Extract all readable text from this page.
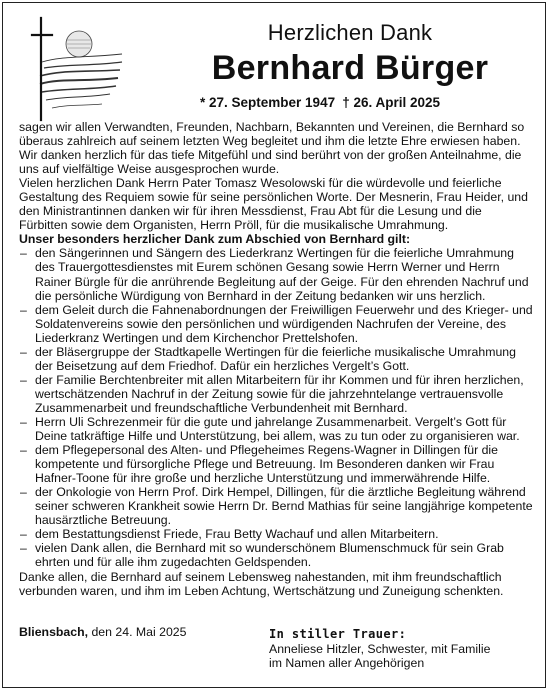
Herzlichen Dank
Bernhard Bürger
* 27. September 1947 † 26. April 2025

sagen wir allen Verwandten, Freunden, Nachbarn, Bekannten und Vereinen, die Bernhard so überaus zahlreich auf seinem letzten Weg begleitet und ihm die letzte Ehre erwiesen haben. Wir danken herzlich für das tiefe Mitgefühl und sind berührt von der großen Anteilnahme, die uns auf vielfältige Weise ausgesprochen wurde.

Vielen herzlichen Dank Herrn Pater Tomasz Wesolowski für die würdevolle und feierliche Gestaltung des Requiem sowie für seine persönlichen Worte. Der Mesnerin, Frau Heider, und den Ministrantinnen danken wir für ihren Messdienst, Frau Abt für die Lesung und die Fürbitten sowie dem Organisten, Herrn Pröll, für die musikalische Umrahmung.

Unser besonders herzlicher Dank zum Abschied von Bernhard gilt:

– den Sängerinnen und Sängern des Liederkranz Wertingen für die feierliche Umrahmung des Trauergottesdienstes mit Eurem schönen Gesang sowie Herrn Werner und Herrn Rainer Bürgle für die anrührende Begleitung auf der Geige. Für den ehrenden Nachruf und die persönliche Würdigung von Bernhard in der Zeitung bedanken wir uns herzlich.
– dem Geleit durch die Fahnenabordnungen der Freiwilligen Feuerwehr und des Krieger- und Soldatenvereins sowie den persönlichen und würdigenden Nachrufen der Vereine, des Liederkranz Wertingen und dem Kirchenchor Prettelshofen.
– der Bläsergruppe der Stadtkapelle Wertingen für die feierliche musikalische Umrahmung der Beisetzung auf dem Friedhof. Dafür ein herzliches Vergelt’s Gott.
– der Familie Berchtenbreiter mit allen Mitarbeitern für ihr Kommen und für ihren herzlichen, wertschätzenden Nachruf in der Zeitung sowie für die jahrzehntelange vertrauensvolle Zusammenarbeit und freundschaftliche Verbundenheit mit Bernhard.
– Herrn Uli Schrezenmeir für die gute und jahrelange Zusammenarbeit. Vergelt’s Gott für Deine tatkräftige Hilfe und Unterstützung, bei allem, was zu tun oder zu organisieren war.
– dem Pflegepersonal des Alten- und Pflegeheimes Regens-Wagner in Dillingen für die kompetente und fürsorgliche Pflege und Betreuung. Im Besonderen danken wir Frau Hafner-Toone für ihre große und herzliche Unterstützung und immerwährende Hilfe.
– der Onkologie von Herrn Prof. Dirk Hempel, Dillingen, für die ärztliche Begleitung während seiner schweren Krankheit sowie Herrn Dr. Bernd Mathias für seine langjährige kompetente hausärztliche Betreuung.
– dem Bestattungsdienst Friede, Frau Betty Wachauf und allen Mitarbeitern.
– vielen Dank allen, die Bernhard mit so wunderschönem Blumenschmuck für sein Grab ehrten und für alle ihm zugedachten Geldspenden.

Danke allen, die Bernhard auf seinem Lebensweg nahestanden, mit ihm freundschaftlich verbunden waren, und ihm im Leben Achtung, Wertschätzung und Zuneigung schenkten.

Bliensbach, den 24. Mai 2025	In stiller Trauer:
Anneliese Hitzler, Schwester, mit Familie
im Namen aller Angehörigen
